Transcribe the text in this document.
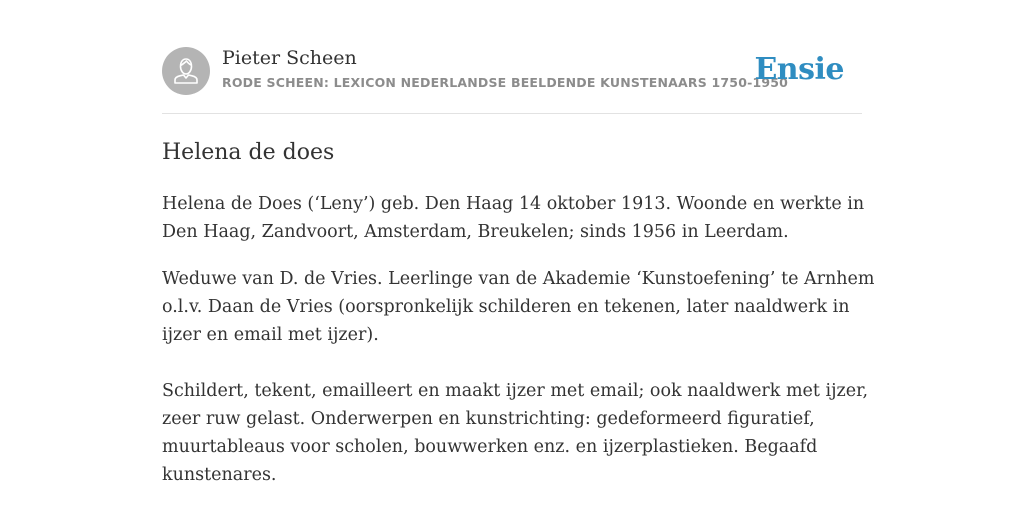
Pieter Scheen
RODE SCHEEN: LEXICON NEDERLANDSE BEELDENDE KUNSTENAARS 1750-1950
Ensie
Helena de does

Helena de Does (‘Leny’) geb. Den Haag 14 oktober 1913. Woonde en werkte in
Den Haag, Zandvoort, Amsterdam, Breukelen; sinds 1956 in Leerdam.

Weduwe van D. de Vries. Leerlinge van de Akademie ‘Kunstoefening’ te Arnhem
o.l.v. Daan de Vries (oorspronkelijk schilderen en tekenen, later naaldwerk in
ijzer en email met ijzer).

Schildert, tekent, emailleert en maakt ijzer met email; ook naaldwerk met ijzer,
zeer ruw gelast. Onderwerpen en kunstrichting: gedeformeerd figuratief,
muurtableaus voor scholen, bouwwerken enz. en ijzerplastieken. Begaafd
kunstenares.
